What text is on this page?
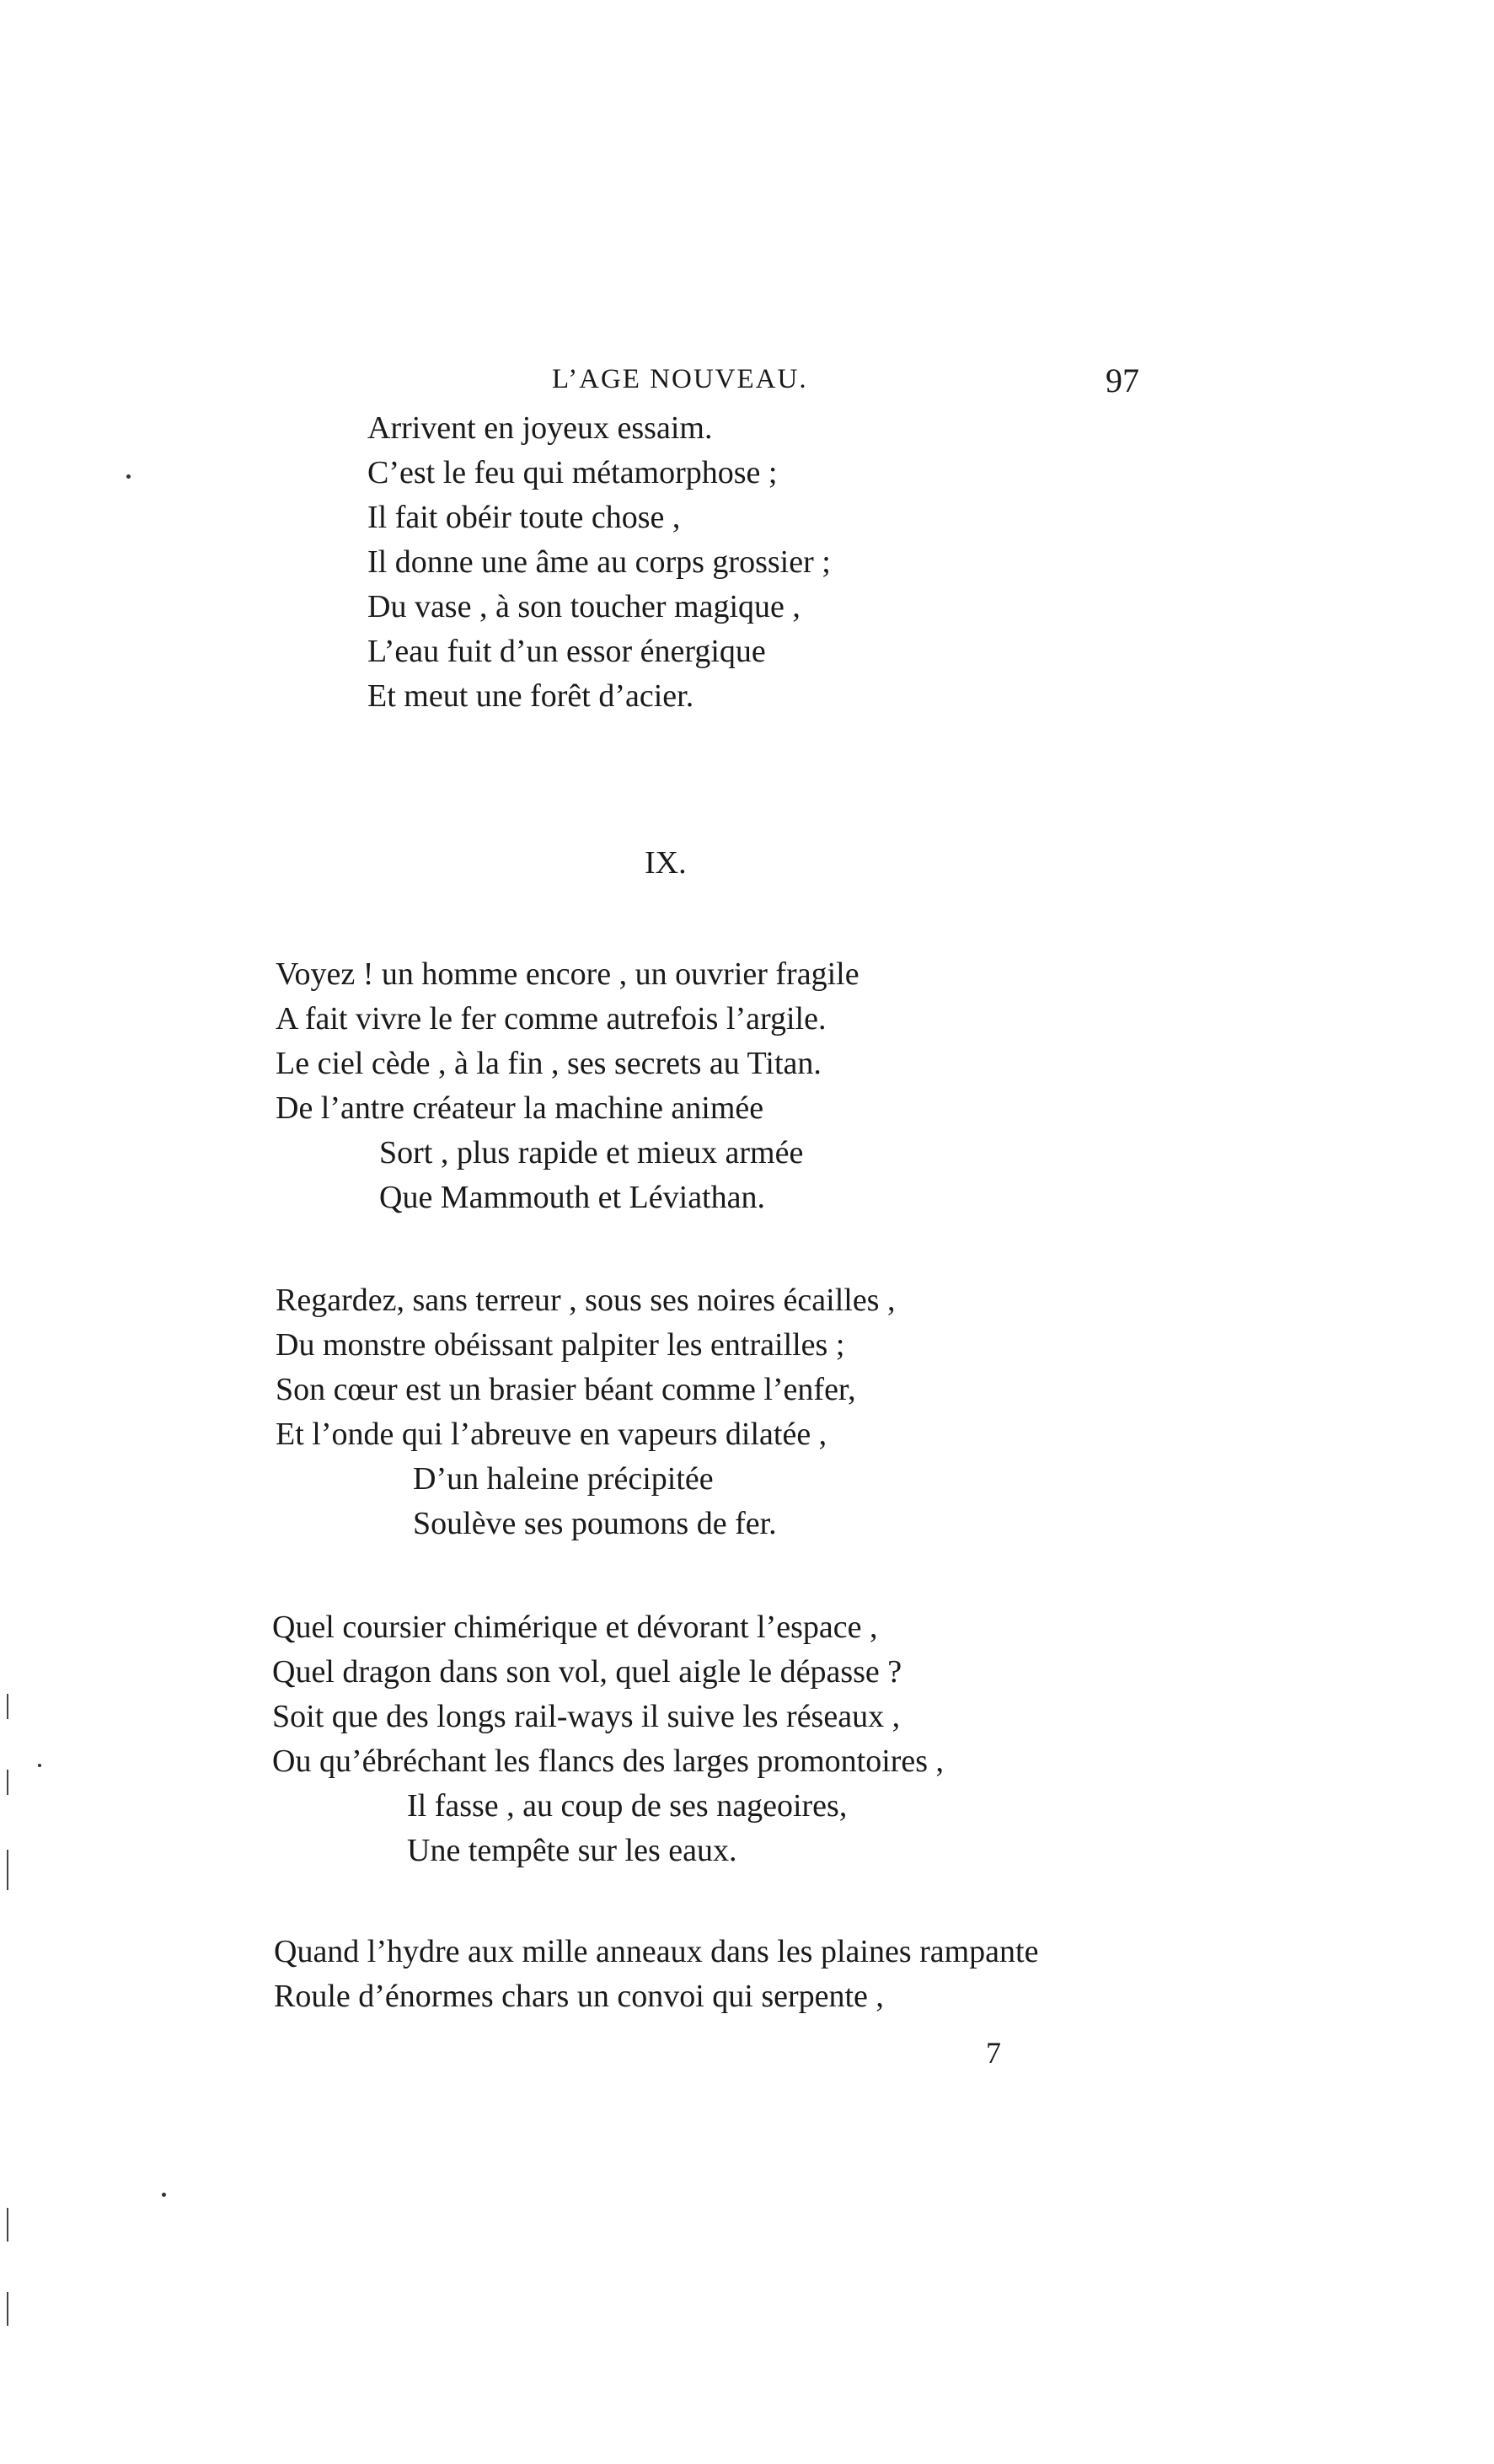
L’AGE NOUVEAU.	97
Arrivent en joyeux essaim.
C’est le feu qui métamorphose ;
Il fait obéir toute chose ,
Il donne une âme au corps grossier ;
Du vase , à son toucher magique ,
L’eau fuit d’un essor énergique
Et meut une forêt d’acier.
IX.
Voyez ! un homme encore , un ouvrier fragile
A fait vivre le fer comme autrefois l’argile.
Le ciel cède , à la fin , ses secrets au Titan.
De l’antre créateur la machine animée
Sort , plus rapide et mieux armée
Que Mammouth et Léviathan.
Regardez, sans terreur , sous ses noires écailles ,
Du monstre obéissant palpiter les entrailles ;
Son cœur est un brasier béant comme l’enfer,
Et l’onde qui l’abreuve en vapeurs dilatée ,
D’un haleine précipitée
Soulève ses poumons de fer.
Quel coursier chimérique et dévorant l’espace ,
Quel dragon dans son vol, quel aigle le dépasse ?
Soit que des longs rail-ways il suive les réseaux ,
Ou qu’ébréchant les flancs des larges promontoires ,
Il fasse , au coup de ses nageoires,
Une tempête sur les eaux.
Quand l’hydre aux mille anneaux dans les plaines rampante
Roule d’énormes chars un convoi qui serpente ,
7
